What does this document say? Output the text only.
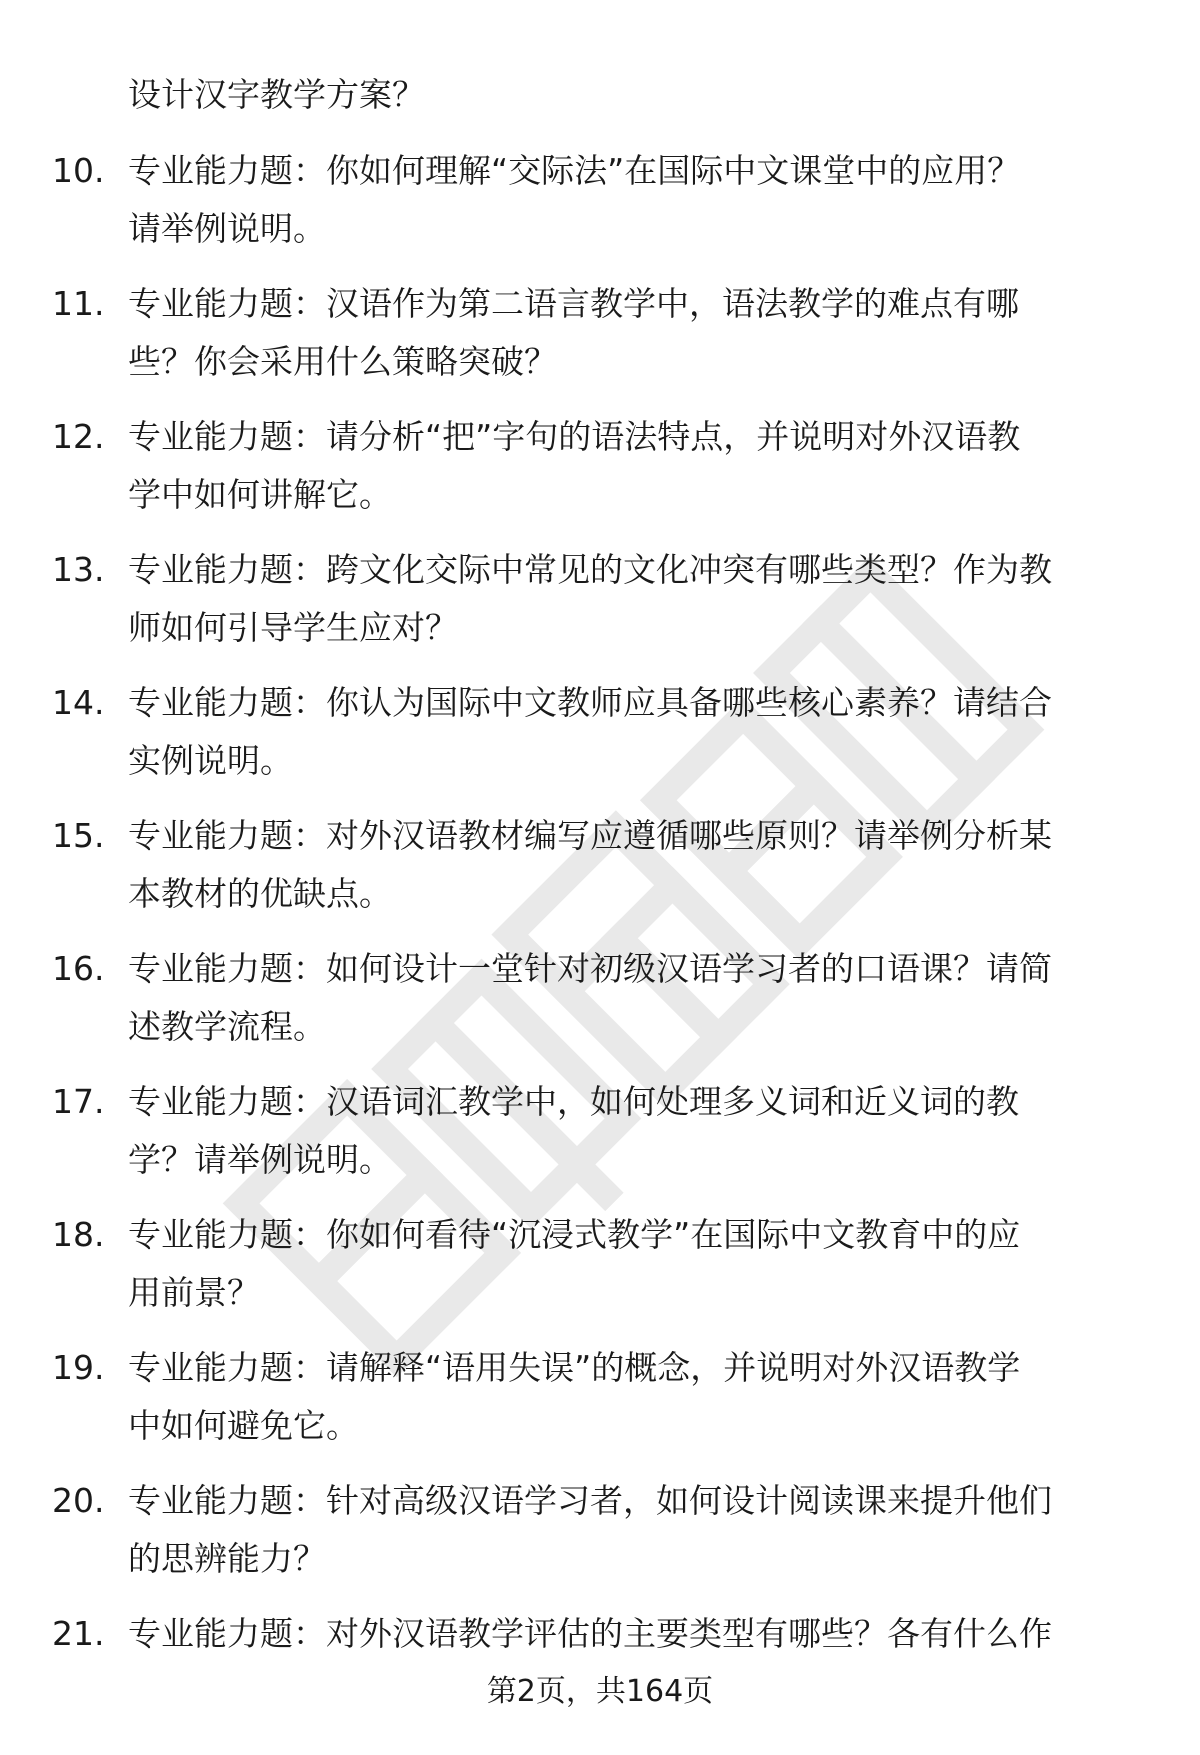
设计汉字教学方案？
10. 专业能力题：你如何理解“交际法”在国际中文课堂中的应用？
请举例说明。
11. 专业能力题：汉语作为第二语言教学中，语法教学的难点有哪
些？你会采用什么策略突破？
12. 专业能力题：请分析“把”字句的语法特点，并说明对外汉语教
学中如何讲解它。
13. 专业能力题：跨文化交际中常见的文化冲突有哪些类型？作为教
师如何引导学生应对？
14. 专业能力题：你认为国际中文教师应具备哪些核心素养？请结合
实例说明。
15. 专业能力题：对外汉语教材编写应遵循哪些原则？请举例分析某
本教材的优缺点。
16. 专业能力题：如何设计一堂针对初级汉语学习者的口语课？请简
述教学流程。
17. 专业能力题：汉语词汇教学中，如何处理多义词和近义词的教
学？请举例说明。
18. 专业能力题：你如何看待“沉浸式教学”在国际中文教育中的应
用前景？
19. 专业能力题：请解释“语用失误”的概念，并说明对外汉语教学
中如何避免它。
20. 专业能力题：针对高级汉语学习者，如何设计阅读课来提升他们
的思辨能力？
21. 专业能力题：对外汉语教学评估的主要类型有哪些？各有什么作
第2页，共164页
